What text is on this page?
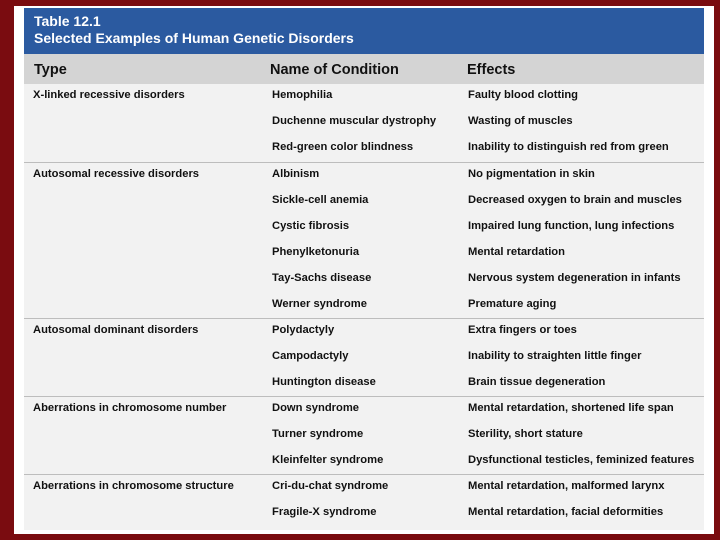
Table 12.1
Selected Examples of Human Genetic Disorders
Type	Name of Condition	Effects
X-linked recessive disorders	Hemophilia	Faulty blood clotting
Duchenne muscular dystrophy	Wasting of muscles
Red-green color blindness	Inability to distinguish red from green
Autosomal recessive disorders	Albinism	No pigmentation in skin
Sickle-cell anemia	Decreased oxygen to brain and muscles
Cystic fibrosis	Impaired lung function, lung infections
Phenylketonuria	Mental retardation
Tay-Sachs disease	Nervous system degeneration in infants
Werner syndrome	Premature aging
Autosomal dominant disorders	Polydactyly	Extra fingers or toes
Campodactyly	Inability to straighten little finger
Huntington disease	Brain tissue degeneration
Aberrations in chromosome number	Down syndrome	Mental retardation, shortened life span
Turner syndrome	Sterility, short stature
Kleinfelter syndrome	Dysfunctional testicles, feminized features
Aberrations in chromosome structure	Cri-du-chat syndrome	Mental retardation, malformed larynx
Fragile-X syndrome	Mental retardation, facial deformities
